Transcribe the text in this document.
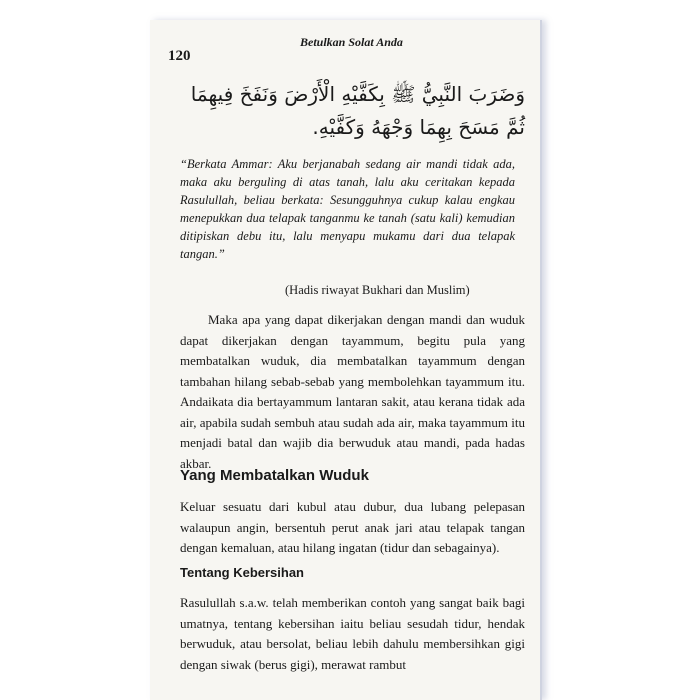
120
Betulkan Solat Anda
وَضَرَبَ النَّبِيُّ ﷺ بِكَفَّيْهِ الْأَرْضَ وَنَفَخَ فِيهِمَا
ثُمَّ مَسَحَ بِهِمَا وَجْهَهُ وَكَفَّيْهِ.
“Berkata Ammar: Aku berjanabah sedang air mandi tidak ada, maka aku berguling di atas tanah, lalu aku ceritakan kepada Rasulullah, beliau berkata: Sesungguhnya cukup kalau engkau menepukkan dua telapak tanganmu ke tanah (satu kali) kemudian ditipiskan debu itu, lalu menyapu mukamu dari dua telapak tangan.”
(Hadis riwayat Bukhari dan Muslim)
Maka apa yang dapat dikerjakan dengan mandi dan wuduk dapat dikerjakan dengan tayammum, begitu pula yang membatalkan wuduk, dia membatalkan tayammum dengan tambahan hilang sebab-sebab yang membolehkan tayammum itu. Andaikata dia bertayammum lantaran sakit, atau kerana tidak ada air, apabila sudah sembuh atau sudah ada air, maka tayammum itu menjadi batal dan wajib dia berwuduk atau mandi, pada hadas akbar.
Yang Membatalkan Wuduk
Keluar sesuatu dari kubul atau dubur, dua lubang pelepasan walaupun angin, bersentuh perut anak jari atau telapak tangan dengan kemaluan, atau hilang ingatan (tidur dan sebagainya).
Tentang Kebersihan
Rasulullah s.a.w. telah memberikan contoh yang sangat baik bagi umatnya, tentang kebersihan iaitu beliau sesudah tidur, hendak berwuduk, atau bersolat, beliau lebih dahulu membersihkan gigi dengan siwak (berus gigi), merawat rambut
